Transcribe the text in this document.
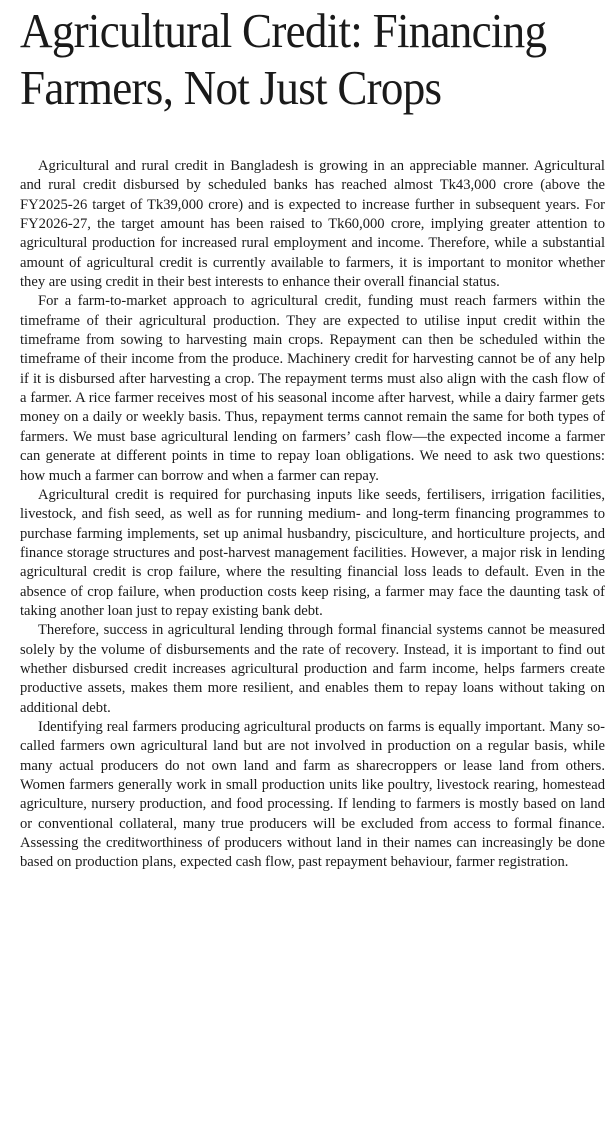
Agricultural Credit: Financing
Farmers, Not Just Crops

Agricultural and rural credit in Bangladesh is growing in an appreciable manner. Agricultural and rural credit disbursed by scheduled banks has reached almost Tk43,000 crore (above the FY2025-26 target of Tk39,000 crore) and is expected to increase further in subsequent years. For FY2026-27, the target amount has been raised to Tk60,000 crore, implying greater attention to agricultural production for increased rural employment and income. Therefore, while a substantial amount of agricultural credit is currently available to farmers, it is important to monitor whether they are using credit in their best interests to enhance their overall financial status.

For a farm-to-market approach to agricultural credit, funding must reach farmers within the timeframe of their agricultural production. They are expected to utilise input credit within the timeframe from sowing to harvesting main crops. Repayment can then be scheduled within the timeframe of their income from the produce. Machinery credit for harvesting cannot be of any help if it is disbursed after harvesting a crop. The repayment terms must also align with the cash flow of a farmer. A rice farmer receives most of his seasonal income after harvest, while a dairy farmer gets money on a daily or weekly basis. Thus, repayment terms cannot remain the same for both types of farmers. We must base agricultural lending on farmers’ cash flow—the expected income a farmer can generate at different points in time to repay loan obligations. We need to ask two questions: how much a farmer can borrow and when a farmer can repay.

Agricultural credit is required for purchasing inputs like seeds, fertilisers, irrigation facilities, livestock, and fish seed, as well as for running medium- and long-term financing programmes to purchase farming implements, set up animal husbandry, pisciculture, and horticulture projects, and finance storage structures and post-harvest management facilities. However, a major risk in lending agricultural credit is crop failure, where the resulting financial loss leads to default. Even in the absence of crop failure, when production costs keep rising, a farmer may face the daunting task of taking another loan just to repay existing bank debt.

Therefore, success in agricultural lending through formal financial systems cannot be measured solely by the volume of disbursements and the rate of recovery. Instead, it is important to find out whether disbursed credit increases agricultural production and farm income, helps farmers create productive assets, makes them more resilient, and enables them to repay loans without taking on additional debt.

Identifying real farmers producing agricultural products on farms is equally important. Many so-called farmers own agricultural land but are not involved in production on a regular basis, while many actual producers do not own land and farm as sharecroppers or lease land from others. Women farmers generally work in small production units like poultry, livestock rearing, homestead agriculture, nursery production, and food processing. If lending to farmers is mostly based on land or conventional collateral, many true producers will be excluded from access to formal finance. Assessing the creditworthiness of producers without land in their names can increasingly be done based on production plans, expected cash flow, past repayment behaviour, farmer registration.
